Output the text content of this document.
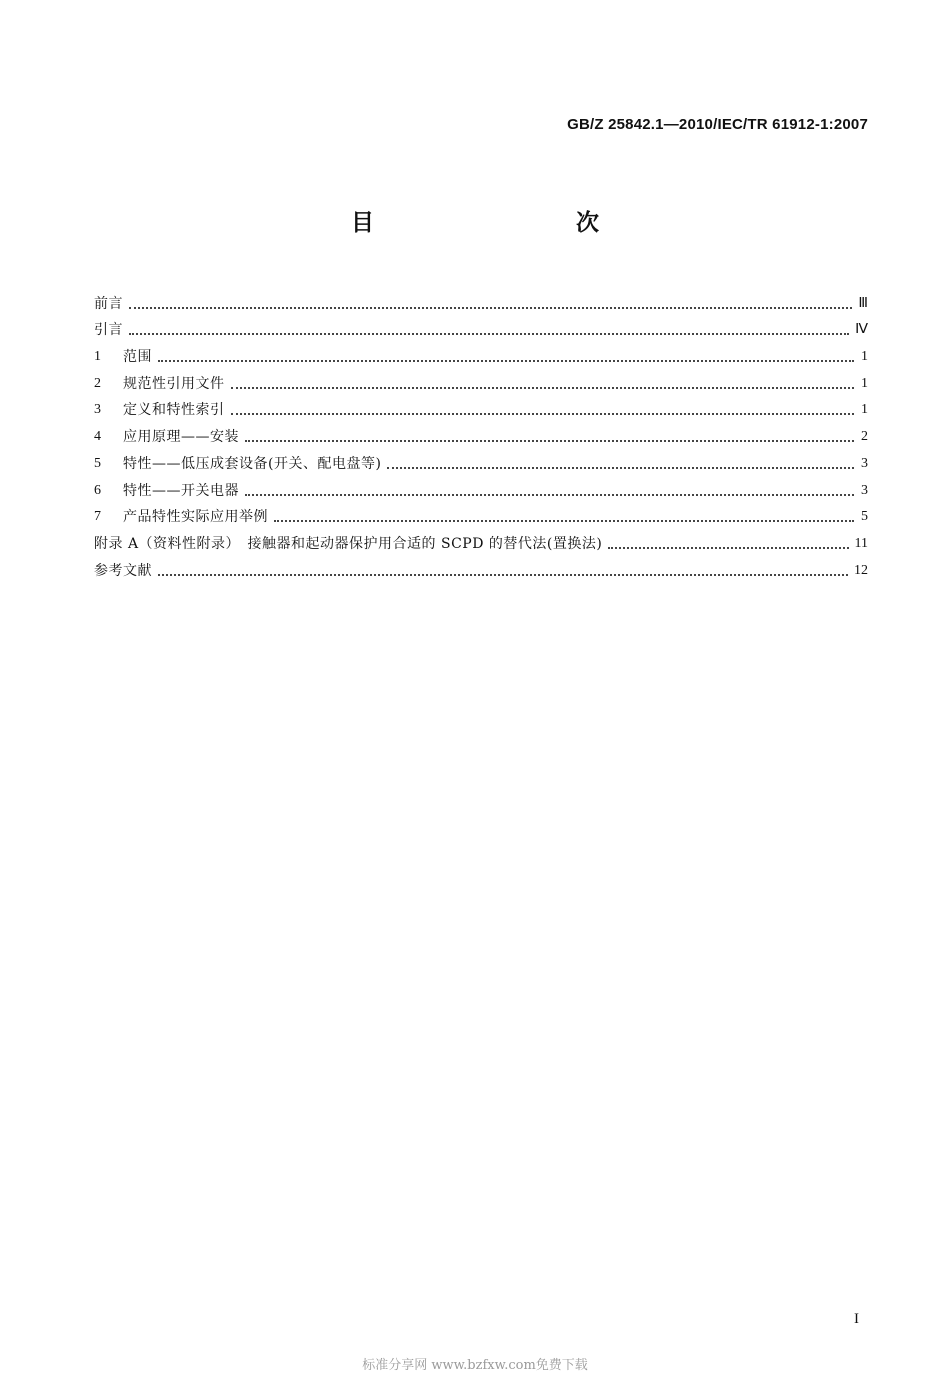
GB/Z 25842.1—2010/IEC/TR 61912-1:2007
目　　次
前言	Ⅲ
引言	Ⅳ
1	范围	1
2	规范性引用文件	1
3	定义和特性索引	1
4	应用原理——安装	2
5	特性——低压成套设备(开关、配电盘等)	3
6	特性——开关电器	3
7	产品特性实际应用举例	5
附录 A（资料性附录）　接触器和起动器保护用合适的 SCPD 的替代法(置换法)	11
参考文献	12
I
标准分享网 www.bzfxw.com免费下载
